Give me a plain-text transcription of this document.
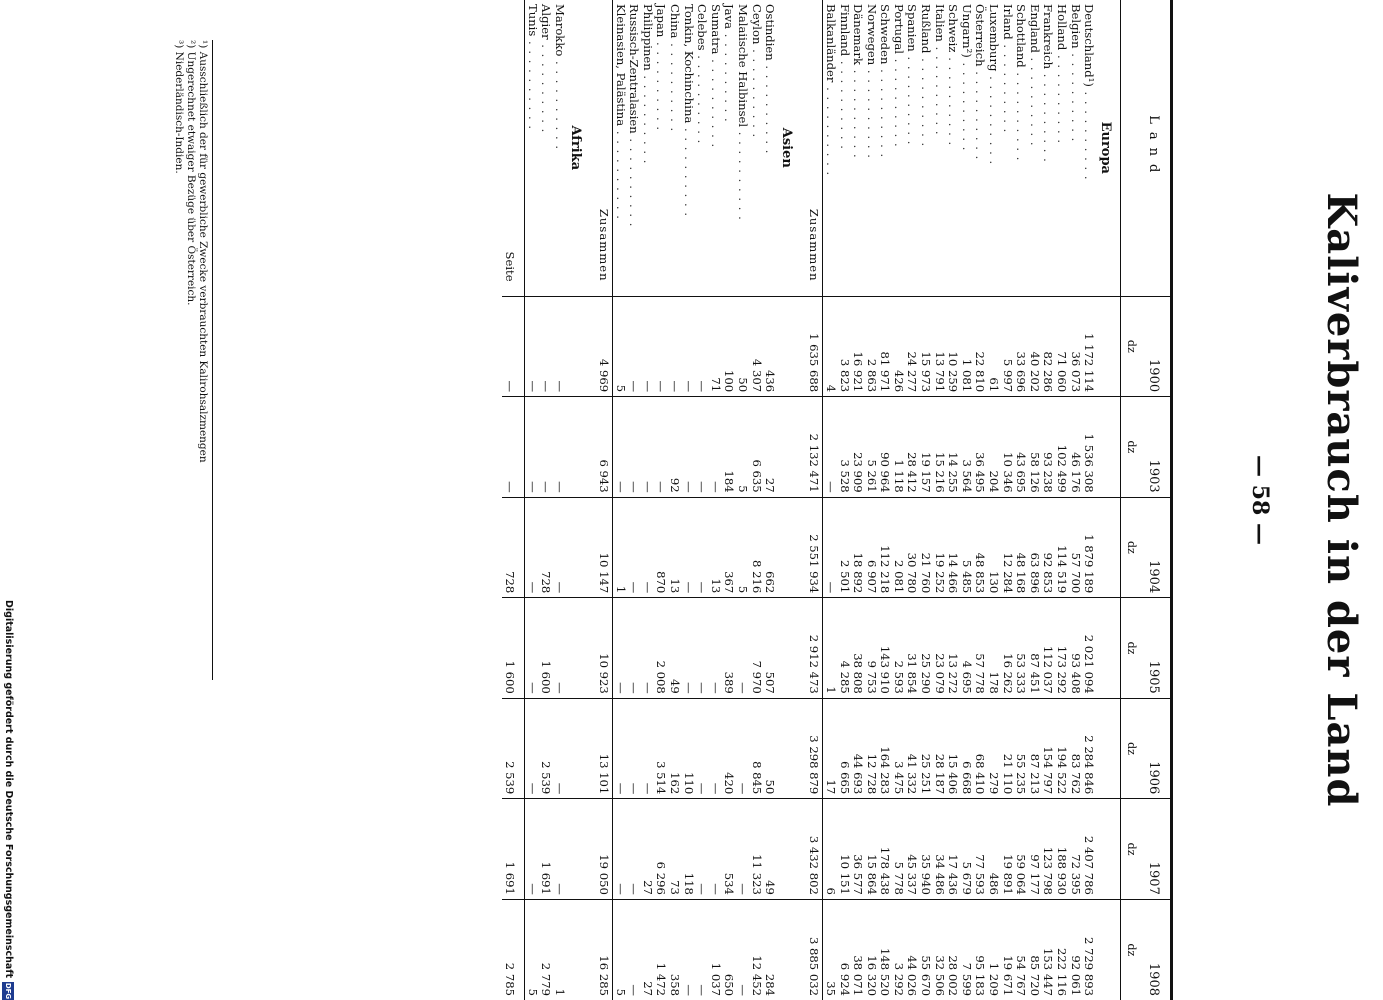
Kaliverbrauch in der Land
— 58 —
Land	1900	1903	1904	1905	1906	1907	1908
	dz	dz	dz	dz	dz	dz	dz
Europa							
Deutschland¹) . . . . . . . . . .	1 172 114	1 536 308	1 879 189	2 021 094	2 284 846	2 407 786	2 729 893
Belgien . . . . . . . . . .	36 073	46 176	57 700	93 408	83 762	72 395	92 061
Holland . . . . . . . . . .	71 060	102 499	114 519	173 292	194 522	188 930	222 116
Frankreich . . . . . . . . . .	82 286	93 238	92 853	112 037	154 797	123 798	153 447
England . . . . . . . . . .	40 202	58 126	63 896	87 451	87 213	97 177	85 720
Schottland . . . . . . . . . .	33 696	43 695	48 168	53 333	55 235	59 064	54 767
Irland . . . . . . . . . .	5 997	10 346	12 284	16 262	21 110	19 891	19 671
Luxemburg . . . . . . . . . .	61	204	130	178	279	486	1 209
Österreich . . . . . . . . . .	22 810	36 495	48 853	57 778	68 410	77 593	95 183
Ungarn²) . . . . . . . . . .	1 081	3 564	5 485	4 695	6 668	5 679	7 599
Schweiz . . . . . . . . . .	10 259	14 255	14 466	13 272	15 406	17 436	28 002
Italien . . . . . . . . . .	13 791	15 216	19 252	23 079	28 187	34 486	32 506
Rußland . . . . . . . . . .	15 973	19 157	21 760	25 290	25 251	35 940	55 670
Spanien . . . . . . . . . .	24 277	28 412	30 780	31 854	41 332	45 337	44 026
Portugal . . . . . . . . . .	426	1 118	2 081	2 593	3 475	5 778	3 292
Schweden . . . . . . . . . .	81 971	90 964	112 218	143 910	164 283	178 438	148 520
Norwegen . . . . . . . . . .	2 863	5 261	6 907	9 753	12 728	15 864	16 320
Dänemark . . . . . . . . . .	16 921	23 909	18 892	38 808	44 693	36 577	38 071
Finnland . . . . . . . . . .	3 823	3 528	2 501	4 285	6 665	10 151	6 924
Balkanländer . . . . . . . . . .	4	—	—	1	17	6	35
Zusammen	1 635 688	2 132 471	2 551 934	2 912 473	3 298 879	3 432 802	3 885 032
Asien							
Ostindien . . . . . . . . . .	436	27	662	507	50	49	284
Ceylon . . . . . . . . . .	4 307	6 635	8 216	7 970	8 845	11 323	12 452
Malaiische Halbinsel . . . . . . . . . .	50	5	5	—	—	—	—
Java . . . . . . . . . .	100	184	367	389	420	534	650
Sumatra . . . . . . . . . .	71	—	13	—	—	—	1 037
Celebes . . . . . . . . . .	—	—	—	—	—	—	—
Tonkin, Kochinchina . . . . . . . . . .	—	—	—	—	110	118	—
China . . . . . . . . . .	—	92	13	49	162	73	358
Japan . . . . . . . . . .	—	—	870	2 008	3 514	6 296	1 472
Philippinen . . . . . . . . . .	—	—	—	—	—	27	27
Russisch-Zentralasien . . . . . . . . . .	—	—	—	—	—	—	—
Kleinasien, Palästina . . . . . . . . . .	5	—	1	—	—	—	5
Zusammen	4 969	6 943	10 147	10 923	13 101	19 050	16 285
Afrika							
Marokko . . . . . . . . . .	—	—	—	—	—	—	1
Algier . . . . . . . . . .	—	—	728	1 600	2 539	1 691	2 779
Tunis . . . . . . . . . .	—	—	—	—	—	—	5
Seite	—	—	728	1 600	2 539	1 691	2 785
¹) Ausschließlich der für gewerbliche Zwecke verbrauchten Kalirohsalzmengen
²) Ungerechnet etwaiger Bezüge über Österreich.
³) Niederländisch-Indien.
Digitalisierung gefördert durch die Deutsche Forschungsgemeinschaft
DFG
